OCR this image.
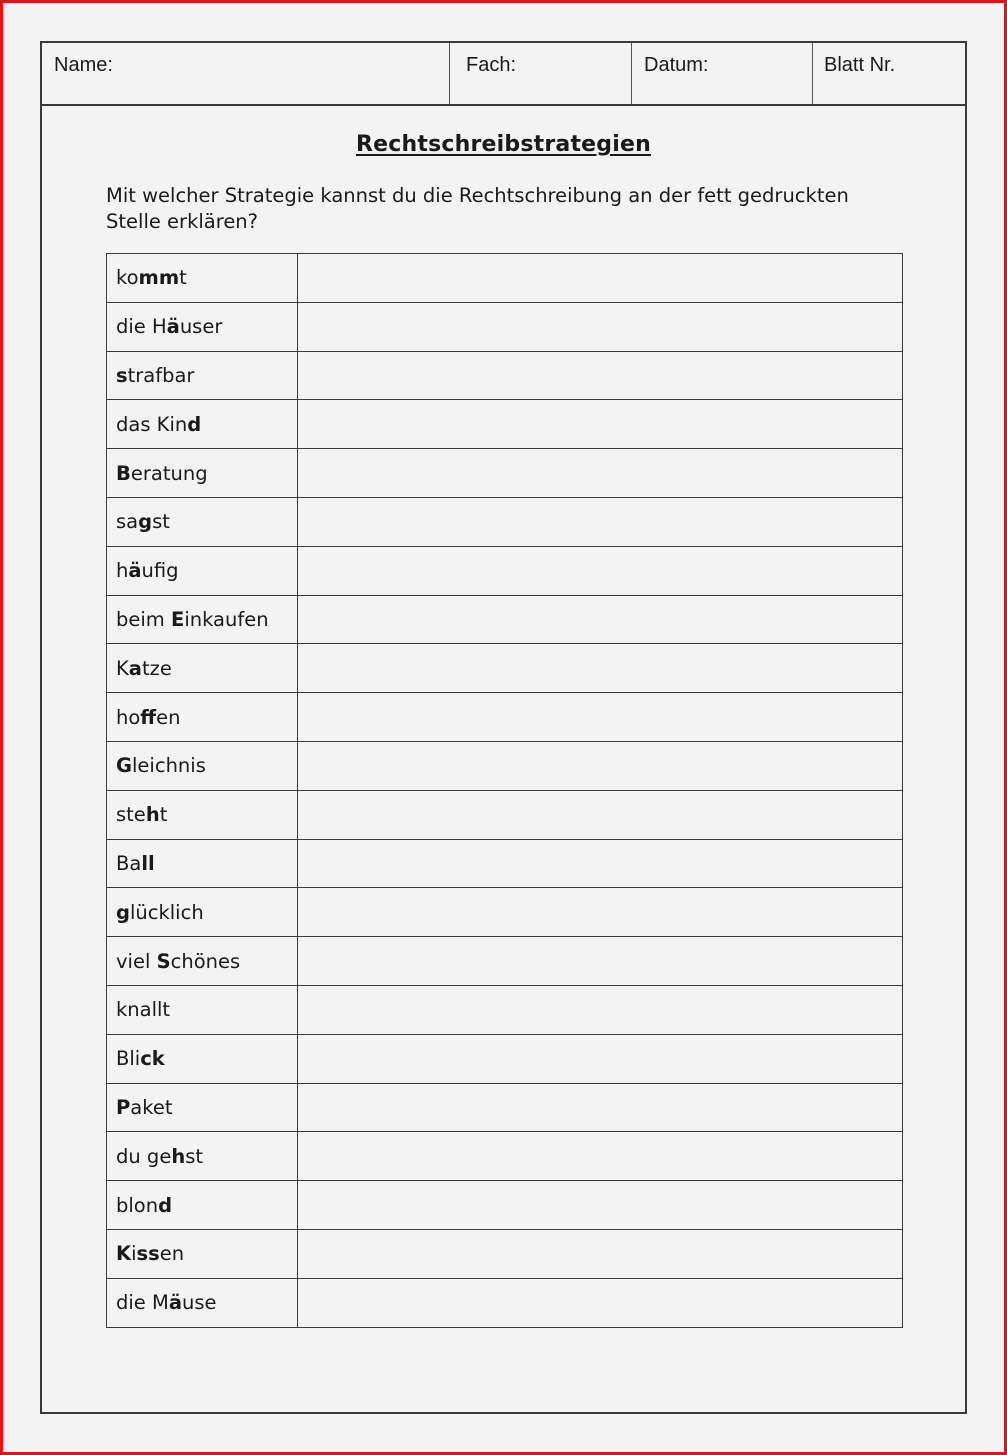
Name:	Fach:	Datum:	Blatt Nr.
Rechtschreibstrategien
Mit welcher Strategie kannst du die Rechtschreibung an der fett gedruckten Stelle erklären?
kommt	
die Häuser	
strafbar	
das Kind	
Beratung	
sagst	
häufig	
beim Einkaufen	
Katze	
hoffen	
Gleichnis	
steht	
Ball	
glücklich	
viel Schönes	
knallt	
Blick	
Paket	
du gehst	
blond	
Kissen	
die Mäuse	
